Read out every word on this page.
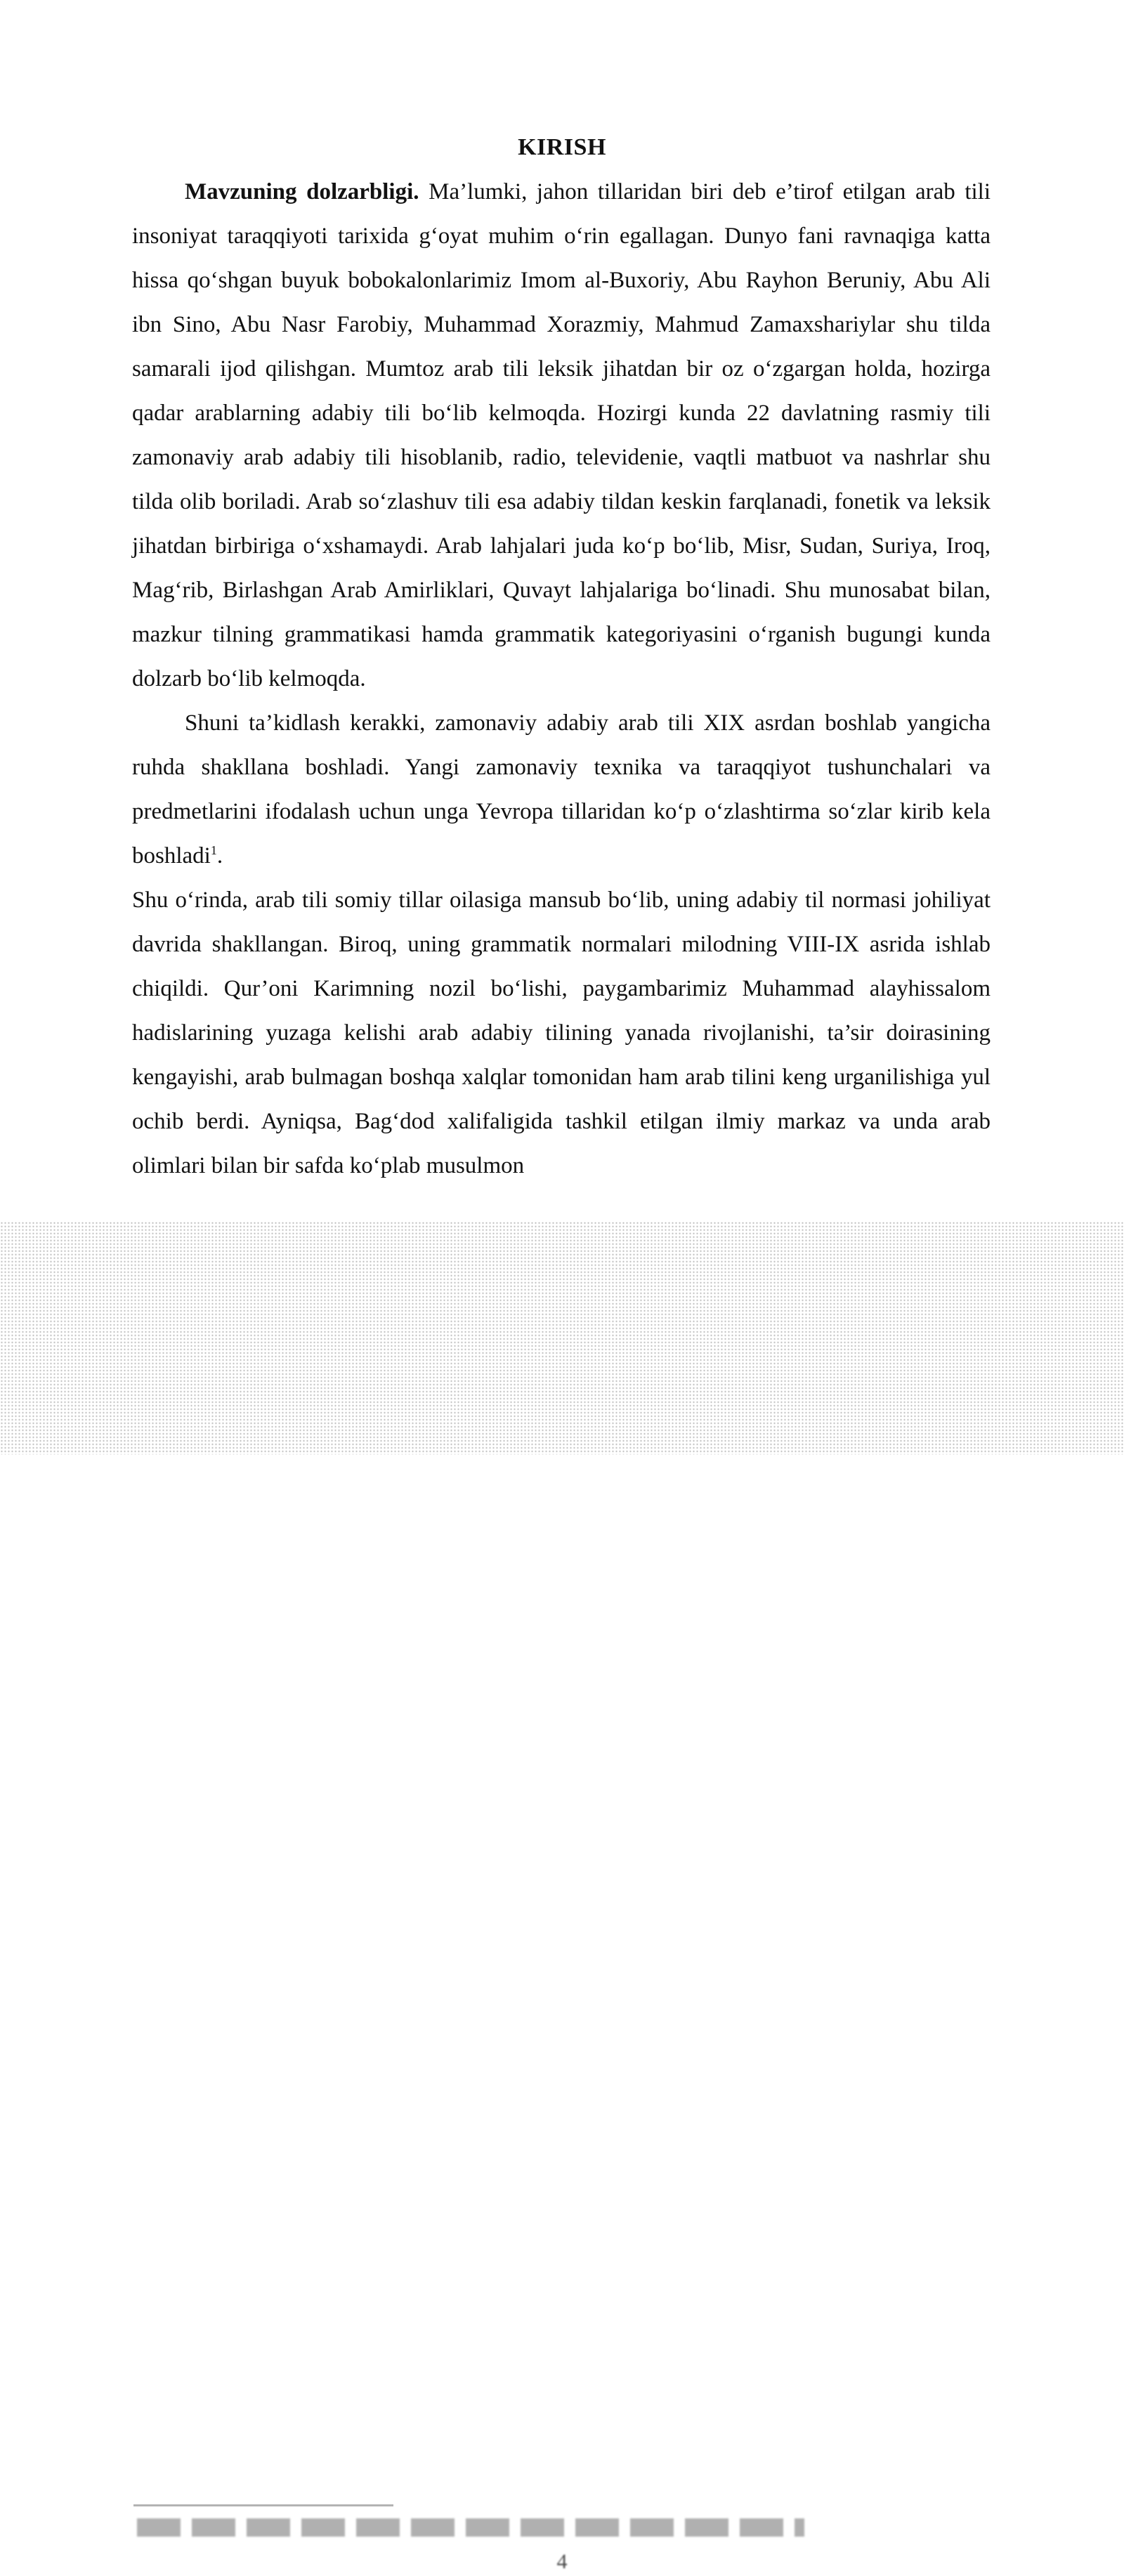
KIRISH

Mavzuning dolzarbligi. Ma’lumki, jahon tillaridan biri deb e’tirof etilgan arab tili insoniyat taraqqiyoti tarixida g‘oyat muhim o‘rin egallagan. Dunyo fani ravnaqiga katta hissa qo‘shgan buyuk bobokalonlarimiz Imom al-Buxoriy, Abu Rayhon Beruniy, Abu Ali ibn Sino, Abu Nasr Farobiy, Muhammad Xorazmiy, Mahmud Zamaxshariylar shu tilda samarali ijod qilishgan. Mumtoz arab tili leksik jihatdan bir oz o‘zgargan holda, hozirga qadar arablarning adabiy tili bo‘lib kelmoqda. Hozirgi kunda 22 davlatning rasmiy tili zamonaviy arab adabiy tili hisoblanib, radio, televidenie, vaqtli matbuot va nashrlar shu tilda olib boriladi. Arab so‘zlashuv tili esa adabiy tildan keskin farqlanadi, fonetik va leksik jihatdan birbiriga o‘xshamaydi. Arab lahjalari juda ko‘p bo‘lib, Misr, Sudan, Suriya, Iroq, Mag‘rib, Birlashgan Arab Amirliklari, Quvayt lahjalariga bo‘linadi. Shu munosabat bilan, mazkur tilning grammatikasi hamda grammatik kategoriyasini o‘rganish bugungi kunda dolzarb bo‘lib kelmoqda.

Shuni ta’kidlash kerakki, zamonaviy adabiy arab tili XIX asrdan boshlab yangicha ruhda shakllana boshladi. Yangi zamonaviy texnika va taraqqiyot tushunchalari va predmetlarini ifodalash uchun unga Yevropa tillaridan ko‘p o‘zlashtirma so‘zlar kirib kela boshladi$^1$.

Shu o‘rinda, arab tili somiy tillar oilasiga mansub bo‘lib, uning adabiy til normasi johiliyat davrida shakllangan. Biroq, uning grammatik normalari milodning VIII-IX asrida ishlab chiqildi. Qur’oni Karimning nozil bo‘lishi, paygambarimiz Muhammad alayhissalom hadislarining yuzaga kelishi arab adabiy tilining yanada rivojlanishi, ta’sir doirasining kengayishi, arab bulmagan boshqa xalqlar tomonidan ham arab tilini keng urganilishiga yul ochib berdi. Ayniqsa, Bag‘dod xalifaligida tashkil etilgan ilmiy markaz va unda arab olimlari bilan bir safda ko‘plab musulmon

4
